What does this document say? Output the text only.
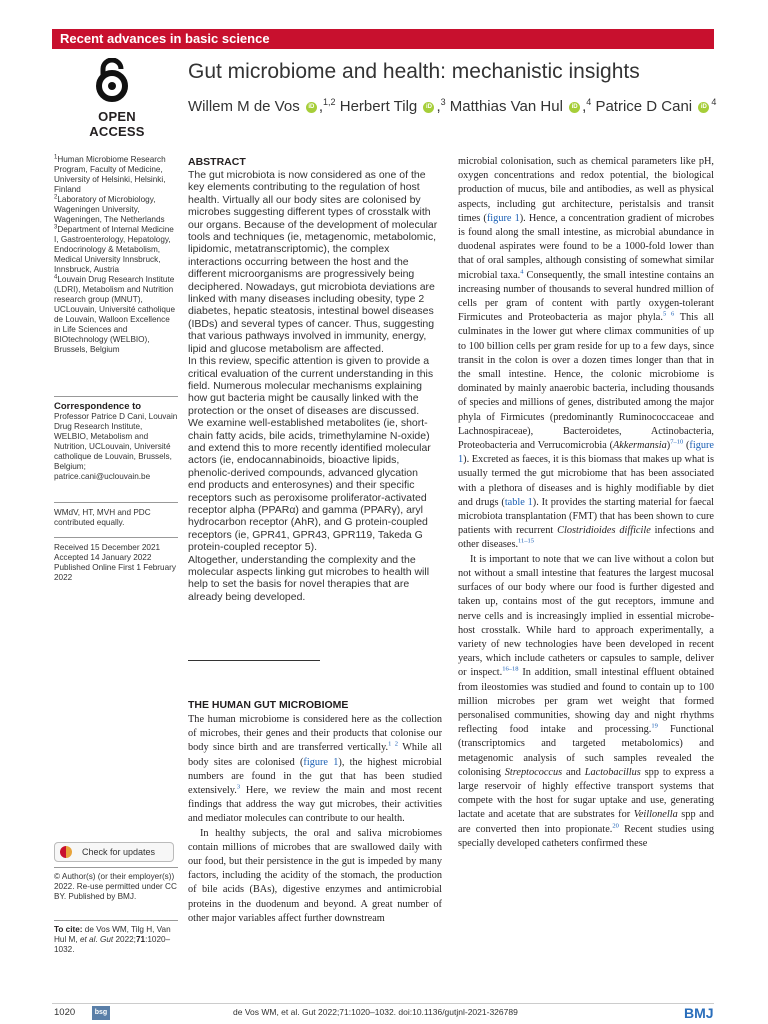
Recent advances in basic science
OPEN ACCESS
Gut microbiome and health: mechanistic insights
Willem M de Vos iD ,$^{1,2}$ Herbert Tilg iD ,$^3$ Matthias Van Hul iD ,$^4$ Patrice D Cani iD $^4$

$^1$Human Microbiome Research Program, Faculty of Medicine, University of Helsinki, Helsinki, Finland

$^2$Laboratory of Microbiology, Wageningen University, Wageningen, The Netherlands

$^3$Department of Internal Medicine I, Gastroenterology, Hepatology, Endocrinology & Metabolism, Medical University Innsbruck, Innsbruck, Austria

$^4$Louvain Drug Research Institute (LDRI), Metabolism and Nutrition research group (MNUT), UCLouvain, Université catholique de Louvain, Walloon Excellence in Life Sciences and BIOtechnology (WELBIO), Brussels, Belgium

Correspondence to

Professor Patrice D Cani, Louvain Drug Research Institute, WELBIO, Metabolism and Nutrition, UCLouvain, Université catholique de Louvain, Brussels, Belgium; patrice.cani@uclouvain.be

WMdV, HT, MVH and PDC contributed equally.

Received 15 December 2021

Accepted 14 January 2022

Published Online First 1 February 2022

Check for updates
© Author(s) (or their employer(s)) 2022. Re-use permitted under CC BY. Published by BMJ.
To cite: de Vos WM, Tilg H, Van Hul M, et al. Gut 2022;71:1020–1032.
ABSTRACT

The gut microbiota is now considered as one of the key elements contributing to the regulation of host health. Virtually all our body sites are colonised by microbes suggesting different types of crosstalk with our organs. Because of the development of molecular tools and techniques (ie, metagenomic, metabolomic, lipidomic, metatranscriptomic), the complex interactions occurring between the host and the different microorganisms are progressively being deciphered. Nowadays, gut microbiota deviations are linked with many diseases including obesity, type 2 diabetes, hepatic steatosis, intestinal bowel diseases (IBDs) and several types of cancer. Thus, suggesting that various pathways involved in immunity, energy, lipid and glucose metabolism are affected.

In this review, specific attention is given to provide a critical evaluation of the current understanding in this field. Numerous molecular mechanisms explaining how gut bacteria might be causally linked with the protection or the onset of diseases are discussed.

We examine well-established metabolites (ie, short-chain fatty acids, bile acids, trimethylamine N-oxide) and extend this to more recently identified molecular actors (ie, endocannabinoids, bioactive lipids, phenolic-derived compounds, advanced glycation end products and enterosynes) and their specific receptors such as peroxisome proliferator-activated receptor alpha (PPARα) and gamma (PPARγ), aryl hydrocarbon receptor (AhR), and G protein-coupled receptors (ie, GPR41, GPR43, GPR119, Takeda G protein-coupled receptor 5).

Altogether, understanding the complexity and the molecular aspects linking gut microbes to health will help to set the basis for novel therapies that are already being developed.

THE HUMAN GUT MICROBIOME

The human microbiome is considered here as the collection of microbes, their genes and their products that colonise our body since birth and are transferred vertically.$^{1 2}$ While all body sites are colonised (figure 1), the highest microbial numbers are found in the gut that has been studied extensively.$^3$ Here, we review the main and most recent findings that address the way gut microbes, their activities and mediator molecules can contribute to our health.

In healthy subjects, the oral and saliva microbiomes contain millions of microbes that are swallowed daily with our food, but their persistence in the gut is impeded by many factors, including the acidity of the stomach, the production of bile acids (BAs), digestive enzymes and antimicrobial proteins in the duodenum and beyond. A great number of other major variables affect further downstream

microbial colonisation, such as chemical parameters like pH, oxygen concentrations and redox potential, the biological production of mucus, bile and antibodies, as well as physical aspects, including gut architecture, peristalsis and transit times (figure 1). Hence, a concentration gradient of microbes is found along the small intestine, as microbial abundance in duodenal aspirates were found to be a 1000-fold lower than that of oral samples, although consisting of somewhat similar microbial taxa.$^4$ Consequently, the small intestine contains an increasing number of thousands to several hundred million of cells per gram of content with partly oxygen-tolerant Firmicutes and Proteobacteria as major phyla.$^{5 6}$ This all culminates in the lower gut where climax communities of up to 100 billion cells per gram reside for up to a few days, since transit in the colon is over a dozen times longer than that in the small intestine. Hence, the colonic microbiome is dominated by mainly anaerobic bacteria, including thousands of species and millions of genes, distributed among the major phyla of Firmicutes (predominantly Ruminococcaceae and Lachnospiraceae), Bacteroidetes, Actinobacteria, Proteobacteria and Verrucomicrobia (Akkermansia)$^{7-10}$ (figure 1). Excreted as faeces, it is this biomass that makes up what is usually termed the gut microbiome that has been associated with a plethora of diseases and is highly modifiable by diet and drugs (table 1). It provides the starting material for faecal microbiota transplantation (FMT) that has been shown to cure patients with recurrent Clostridioides difficile infections and other diseases.$^{11-15}$

It is important to note that we can live without a colon but not without a small intestine that features the largest mucosal surfaces of our body where our food is further digested and taken up, contains most of the gut receptors, immune and nerve cells and is increasingly implied in essential microbe-host crosstalk. While hard to approach experimentally, a variety of new technologies have been developed in recent years, which include catheters or capsules to sample, deliver or inspect.$^{16-18}$ In addition, small intestinal effluent obtained from ileostomies was studied and found to contain up to 100 million microbes per gram wet weight that formed personalised communities, showing day and night rhythms reflecting food intake and processing.$^{19}$ Functional (transcriptomics and targeted metabolomics) and metagenomic analysis of such samples revealed the colonising Streptococcus and Lactobacillus spp to express a large reservoir of highly effective transport systems that compete with the host for sugar uptake and use, generating lactate and acetate that are substrates for Veillonella spp and are converted then into propionate.$^{20}$ Recent studies using specially developed catheters confirmed these

1020	bsg	de Vos WM, et al. Gut 2022;71:1020–1032. doi:10.1136/gutjnl-2021-326789	BMJ
